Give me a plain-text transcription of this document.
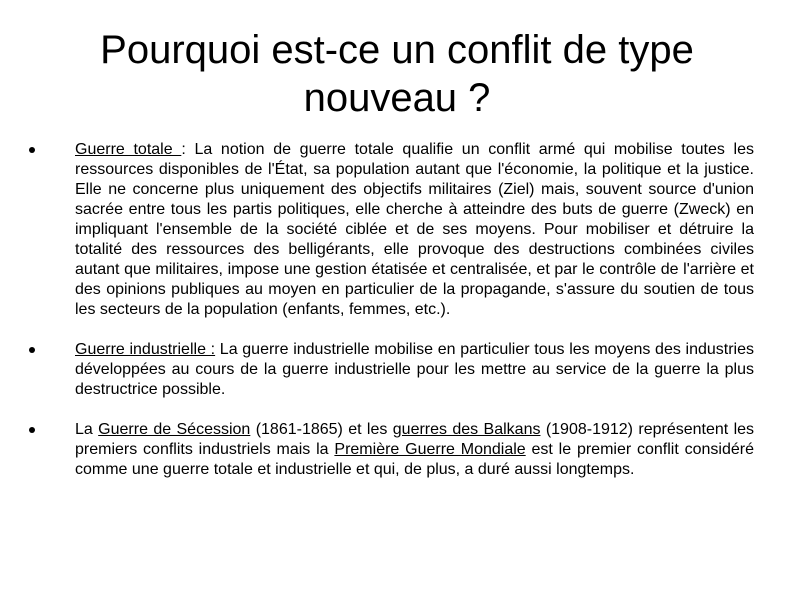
Pourquoi est-ce un conflit de type
nouveau ?
Guerre totale : La notion de guerre totale qualifie un conflit armé qui mobilise toutes les ressources disponibles de l'État, sa population autant que l'économie, la politique et la justice. Elle ne concerne plus uniquement des objectifs militaires (Ziel) mais, souvent source d'union sacrée entre tous les partis politiques, elle cherche à atteindre des buts de guerre (Zweck) en impliquant l'ensemble de la société ciblée et de ses moyens. Pour mobiliser et détruire la totalité des ressources des belligérants, elle provoque des destructions combinées civiles autant que militaires, impose une gestion étatisée et centralisée, et par le contrôle de l'arrière et des opinions publiques au moyen en particulier de la propagande, s'assure du soutien de tous les secteurs de la population (enfants, femmes, etc.).
Guerre industrielle : La guerre industrielle mobilise en particulier tous les moyens des industries développées au cours de la guerre industrielle pour les mettre au service de la guerre la plus destructrice possible.
La Guerre de Sécession (1861-1865) et les guerres des Balkans (1908-1912) représentent les premiers conflits industriels mais la Première Guerre Mondiale est le premier conflit considéré comme une guerre totale et industrielle et qui, de plus, a duré aussi longtemps.
